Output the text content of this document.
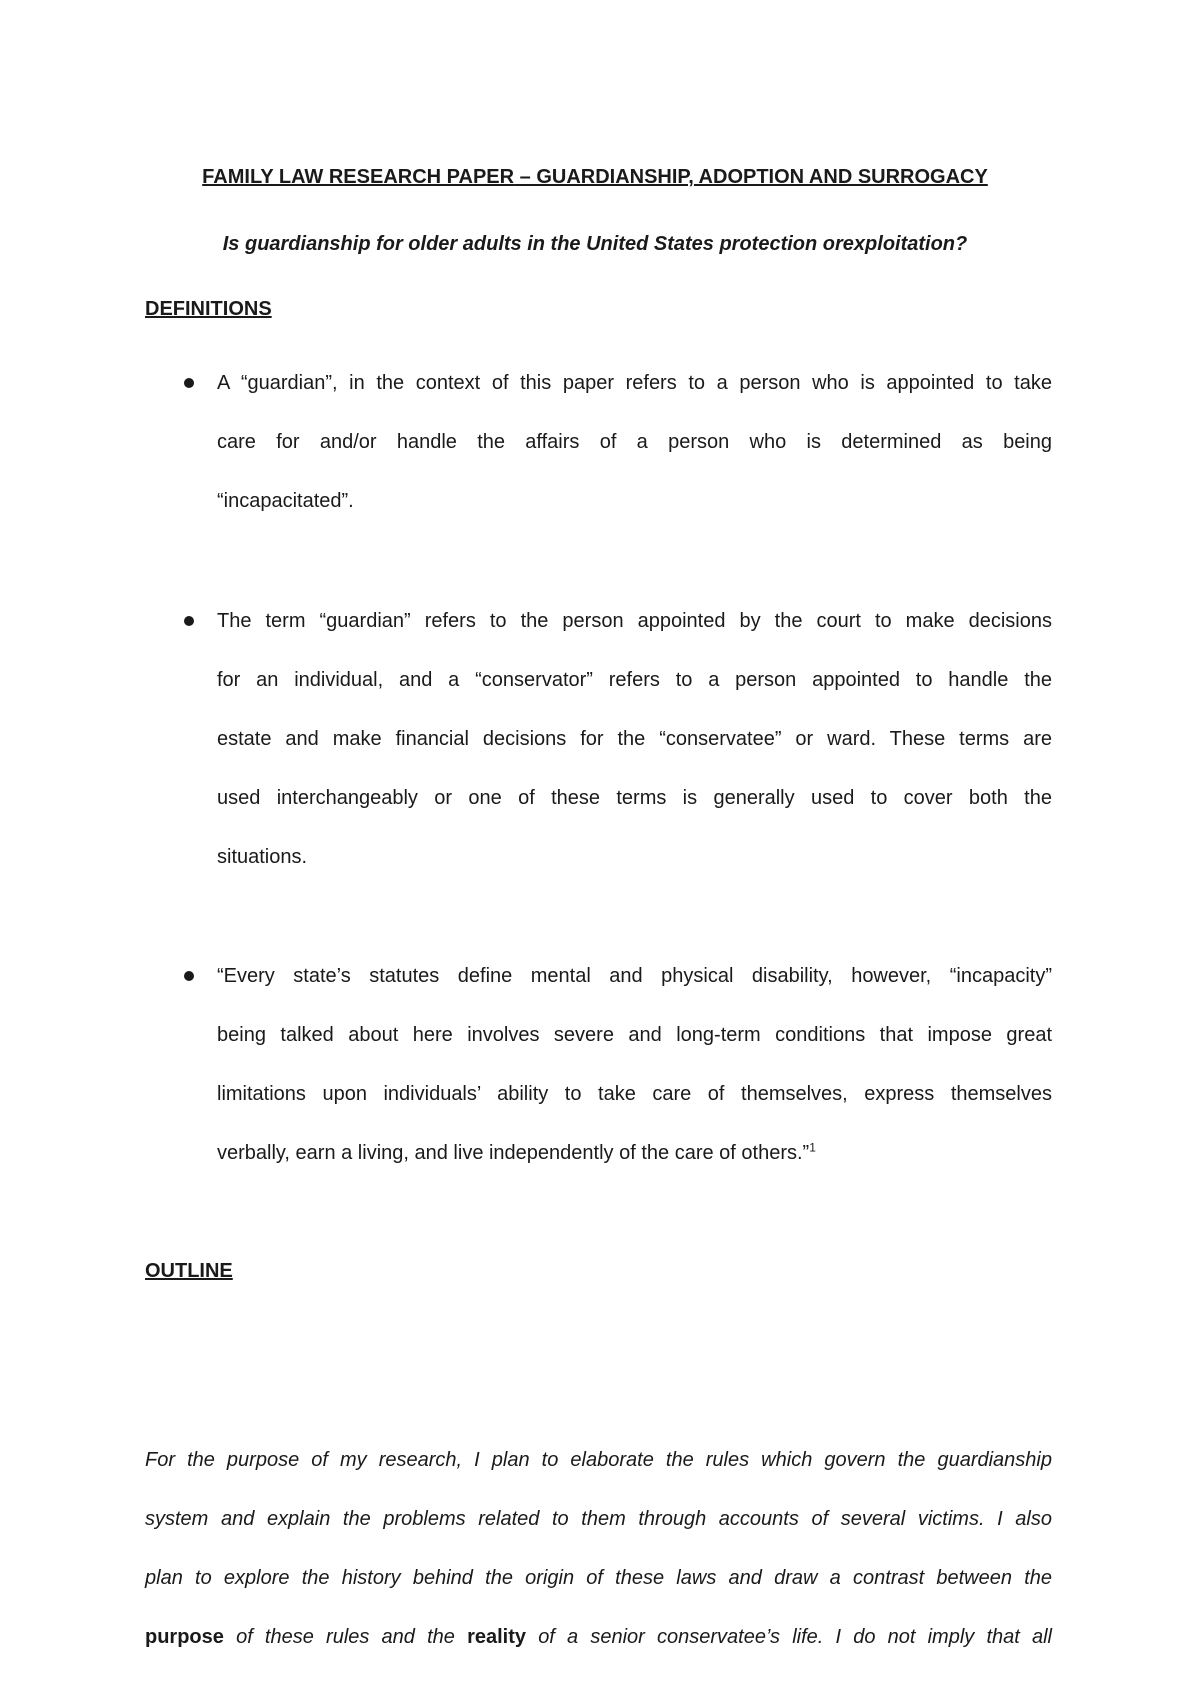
FAMILY LAW RESEARCH PAPER – GUARDIANSHIP, ADOPTION AND SURROGACY
Is guardianship for older adults in the United States protection orexploitation?
DEFINITIONS
A “guardian”, in the context of this paper refers to a person who is appointed to take
care for and/or handle the affairs of a person who is determined as being
“incapacitated”.
The term “guardian” refers to the person appointed by the court to make decisions
for an individual, and a “conservator” refers to a person appointed to handle the
estate and make financial decisions for the “conservatee” or ward. These terms are
used interchangeably or one of these terms is generally used to cover both the
situations.
“Every state’s statutes define mental and physical disability, however, “incapacity”
being talked about here involves severe and long-term conditions that impose great
limitations upon individuals’ ability to take care of themselves, express themselves
verbally, earn a living, and live independently of the care of others.”$^1$
OUTLINE
For the purpose of my research, I plan to elaborate the rules which govern the guardianship
system and explain the problems related to them through accounts of several victims. I also
plan to explore the history behind the origin of these laws and draw a contrast between the
purpose of these rules and the reality of a senior conservatee’s life. I do not imply that all
